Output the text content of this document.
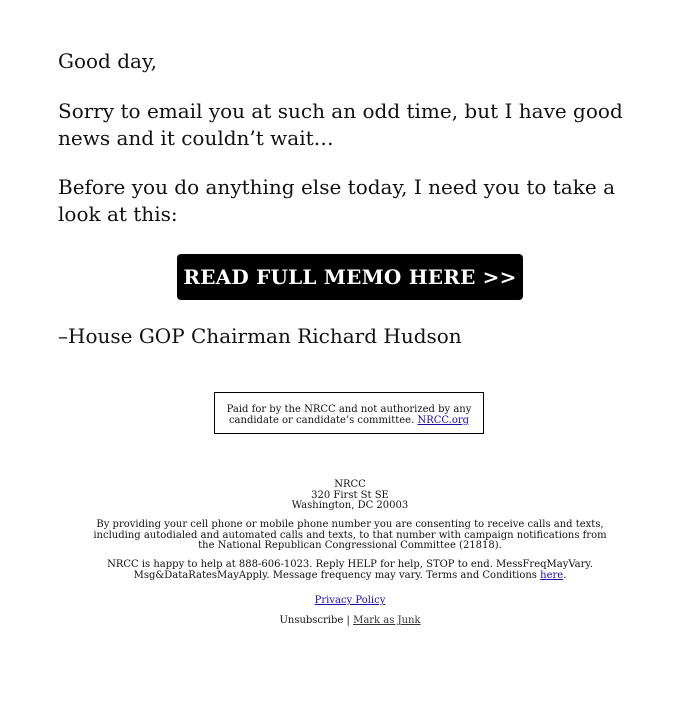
Good day,

Sorry to email you at such an odd time, but I have good news and it couldn’t wait…

Before you do anything else today, I need you to take a look at this:

–House GOP Chairman Richard Hudson

READ FULL MEMO HERE >>
Paid for by the NRCC and not authorized by any candidate or candidate’s committee. NRCC.org
NRCC
320 First St SE
Washington, DC 20003
By providing your cell phone or mobile phone number you are consenting to receive calls and texts, including autodialed and automated calls and texts, to that number with campaign notifications from the National Republican Congressional Committee (21818).
NRCC is happy to help at 888-606-1023. Reply HELP for help, STOP to end. MessFreqMayVary. Msg&DataRatesMayApply. Message frequency may vary. Terms and Conditions here.
Privacy Policy
Unsubscribe | Mark as Junk
